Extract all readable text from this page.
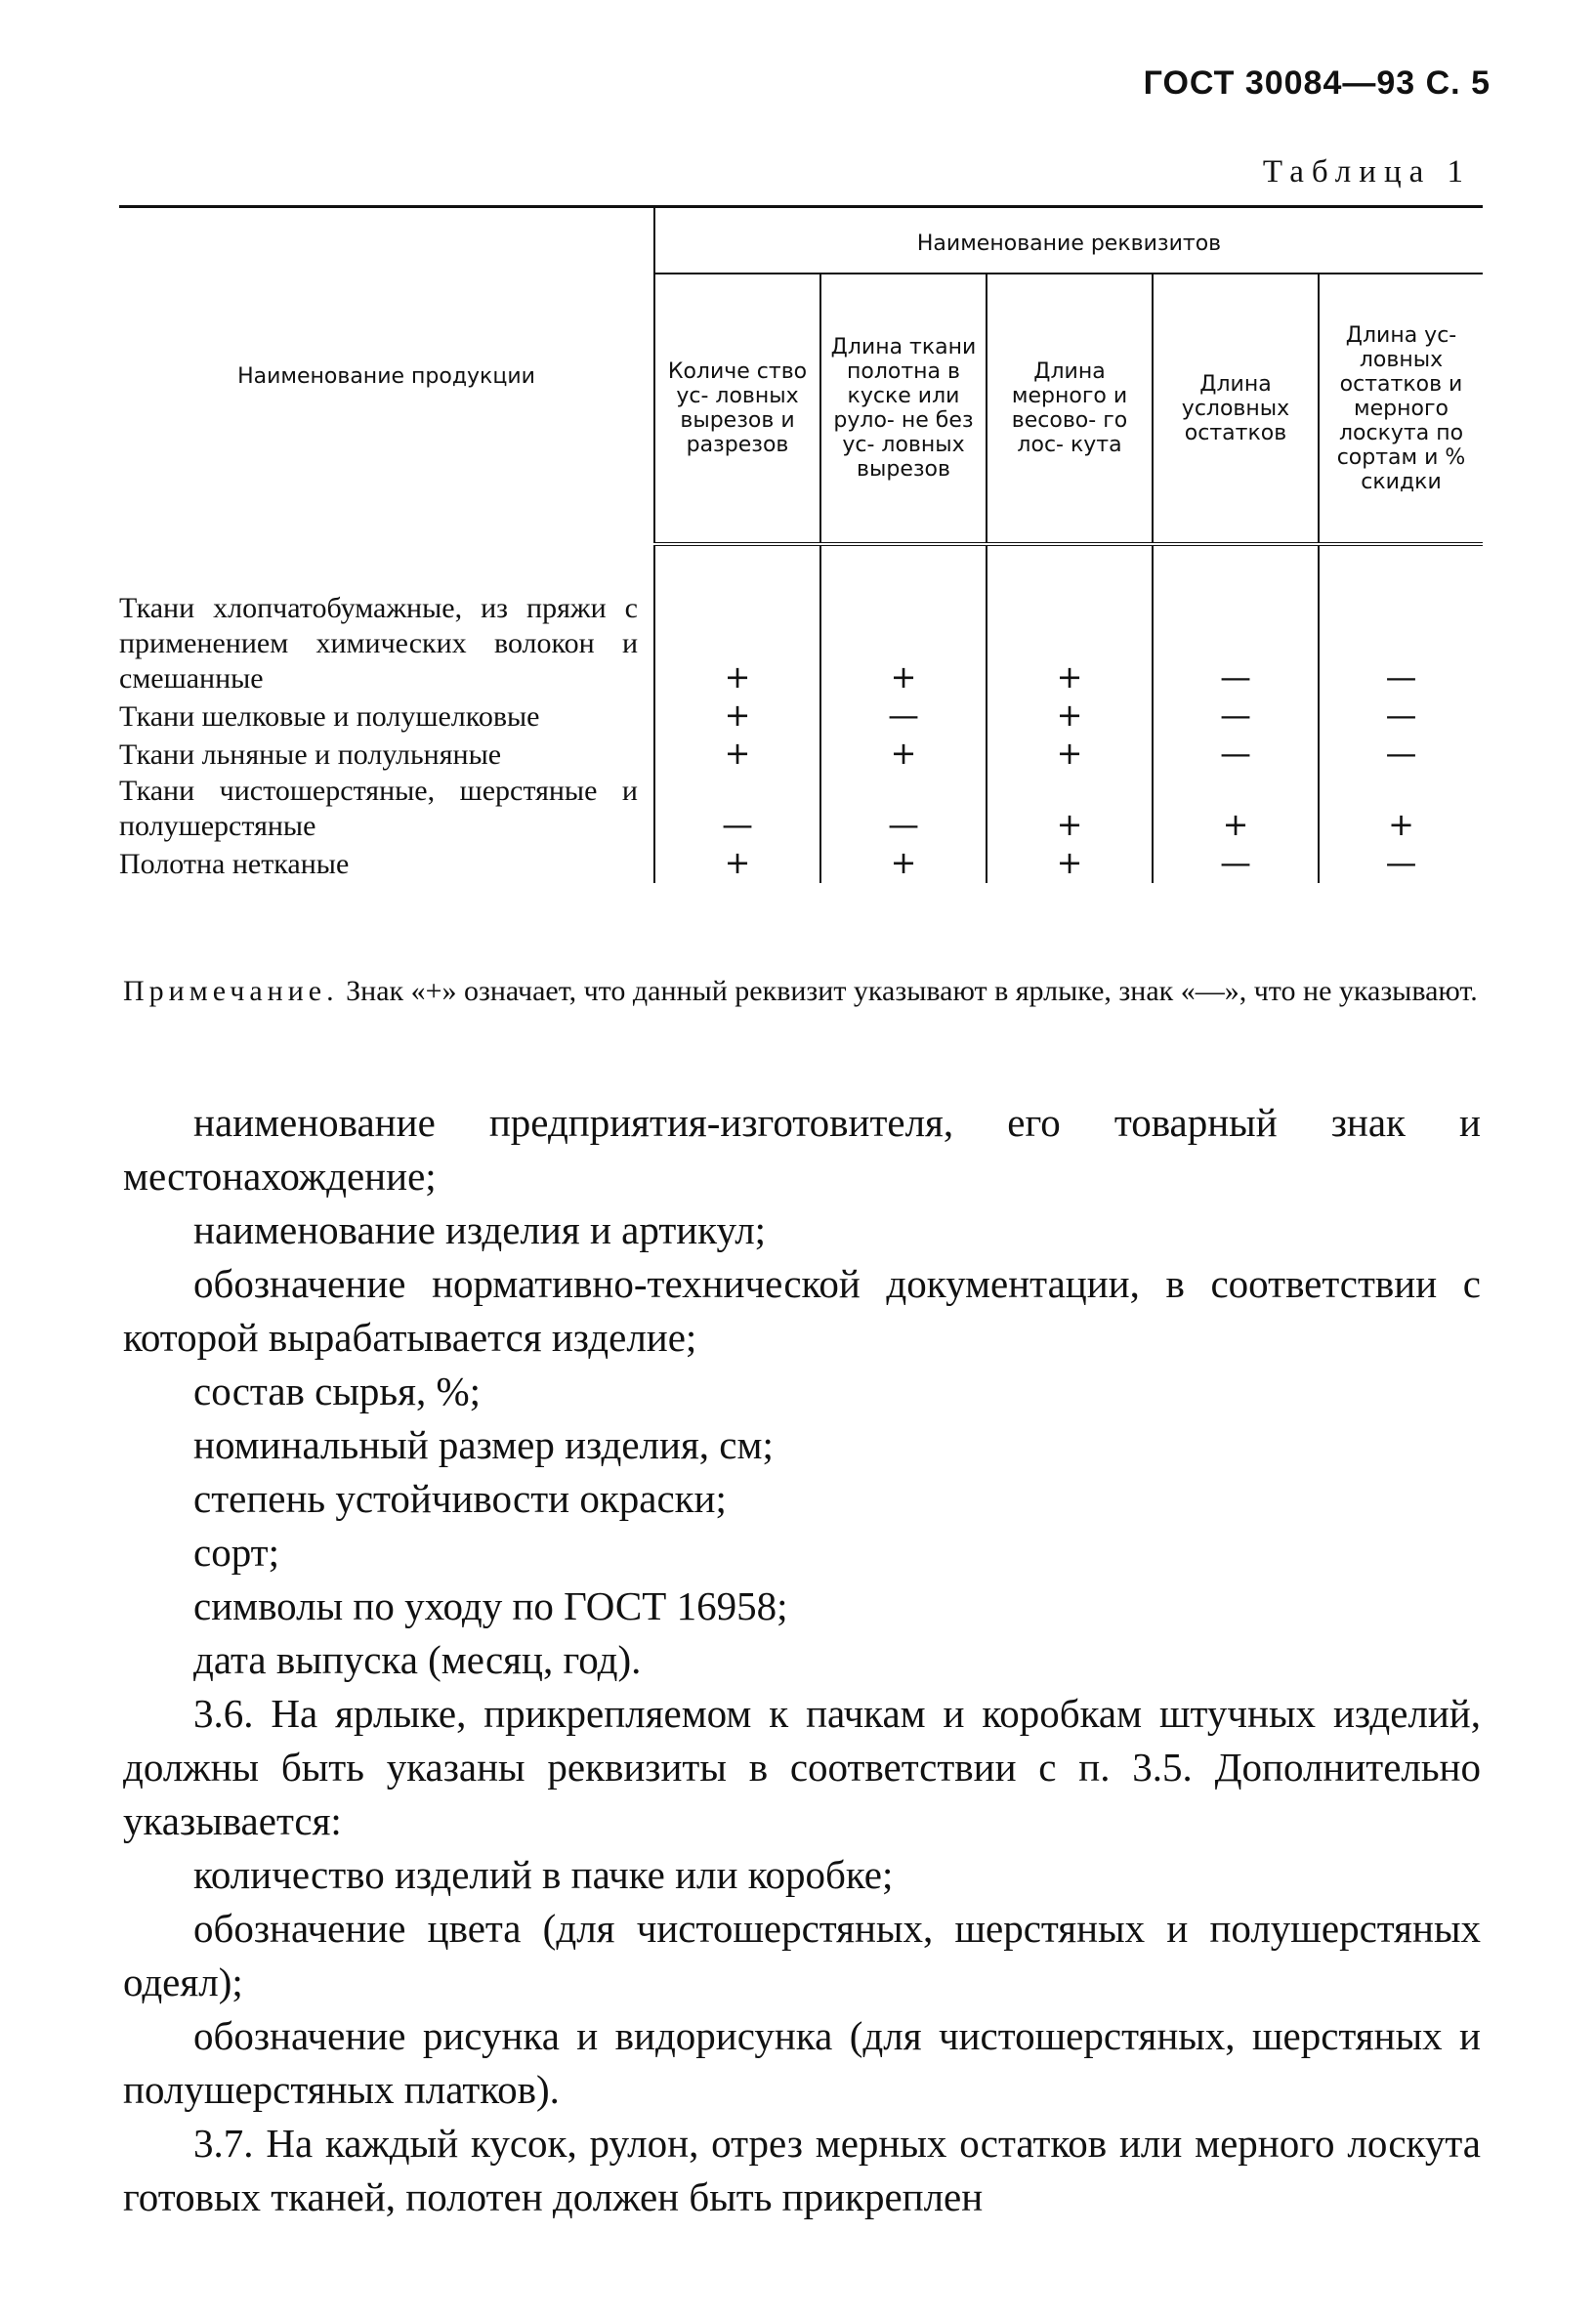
ГОСТ 30084—93 С. 5
Таблица 1
Наименование продукции	Наименование реквизитов				
	Количе ство ус- ловных вырезов и разрезов	Длина ткани полотна в куске или руло- не без ус- ловных вырезов	Длина мерного и весово- го лос- кута	Длина условных остатков	Длина ус- ловных остатков и мерного лоскута по сортам и % скидки
Ткани хлопчатобумажные, из пряжи с применением химических волокон и смешанные	+	+	+	—	—
Ткани шелковые и полушелковые	+	—	+	—	—
Ткани льняные и полульняные	+	+	+	—	—
Ткани чистошерстяные, шерстяные и полушерстяные	—	—	+	+	+
Полотна нетканые	+	+	+	—	—
Примечание. Знак «+» означает, что данный реквизит указывают в ярлыке, знак «—», что не указывают.

наименование предприятия-изготовителя, его товарный знак и местонахождение;

наименование изделия и артикул;

обозначение нормативно-технической документации, в соответствии с которой вырабатывается изделие;

состав сырья, %;

номинальный размер изделия, см;

степень устойчивости окраски;

сорт;

символы по уходу по ГОСТ 16958;

дата выпуска (месяц, год).

3.6. На ярлыке, прикрепляемом к пачкам и коробкам штучных изделий, должны быть указаны реквизиты в соответствии с п. 3.5. Дополнительно указывается:

количество изделий в пачке или коробке;

обозначение цвета (для чистошерстяных, шерстяных и полушерстяных одеял);

обозначение рисунка и видорисунка (для чистошерстяных, шерстяных и полушерстяных платков).

3.7. На каждый кусок, рулон, отрез мерных остатков или мерного лоскута готовых тканей, полотен должен быть прикреплен
